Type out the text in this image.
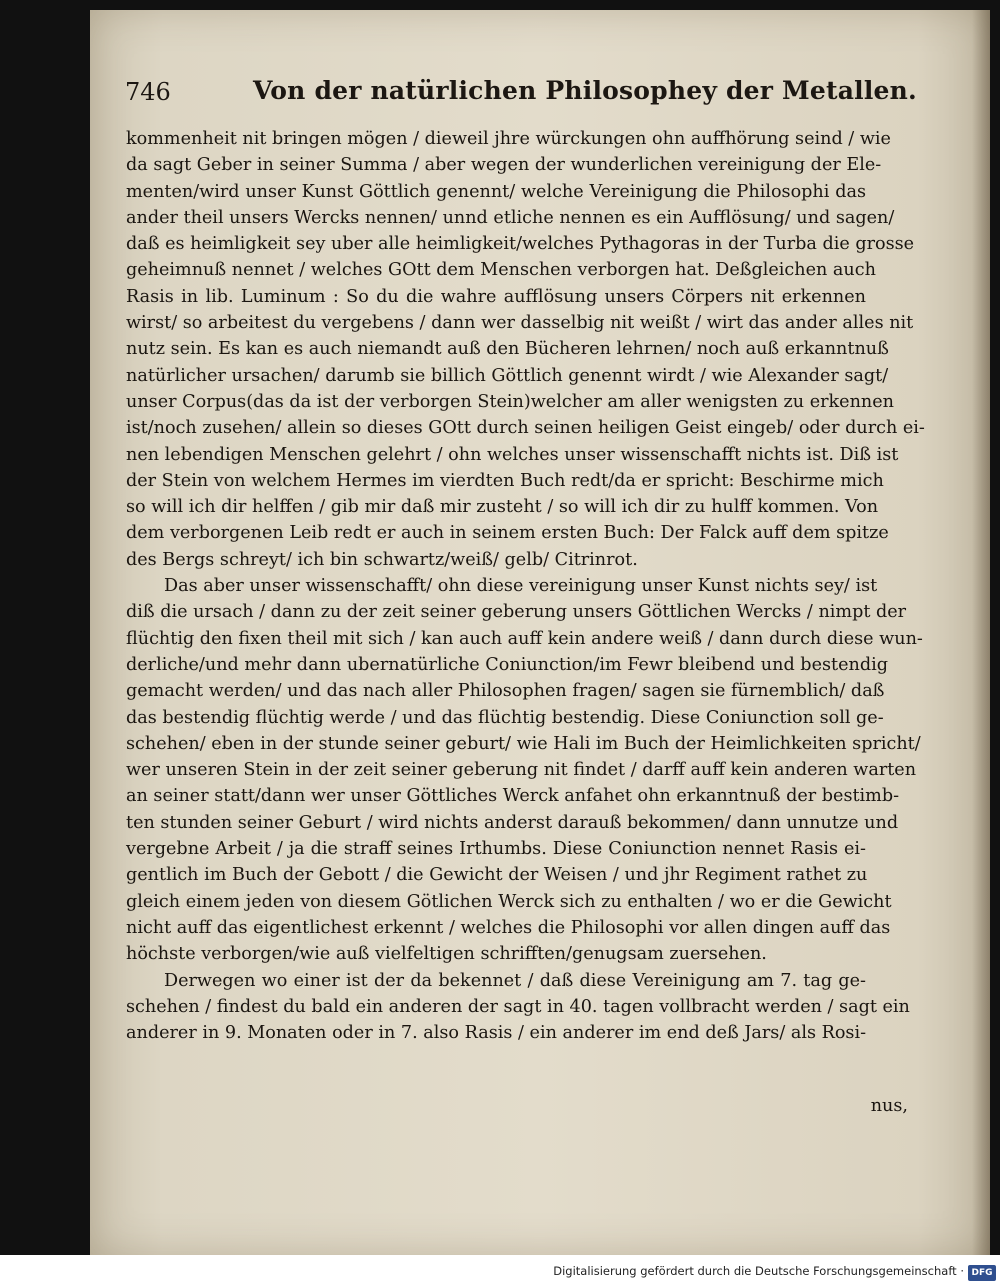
746	Von der natürlichen Philosophey der Metallen.
kommenheit nit bringen mögen / dieweil jhre würckungen ohn auffhörung seind / wie
da sagt Geber in seiner Summa / aber wegen der wunderlichen vereinigung der Ele-
menten/wird unser Kunst Göttlich genennt/ welche Vereinigung die Philosophi das
ander theil unsers Wercks nennen/ unnd etliche nennen es ein Aufflösung/ und sagen/
daß es heimligkeit sey uber alle heimligkeit/welches Pythagoras in der Turba die grosse
geheimnuß nennet / welches GOtt dem Menschen verborgen hat. Deßgleichen auch
Rasis in lib. Luminum : So du die wahre aufflösung unsers Cörpers nit erkennen
wirst/ so arbeitest du vergebens / dann wer dasselbig nit weißt / wirt das ander alles nit
nutz sein. Es kan es auch niemandt auß den Bücheren lehrnen/ noch auß erkanntnuß
natürlicher ursachen/ darumb sie billich Göttlich genennt wirdt / wie Alexander sagt/
unser Corpus(das da ist der verborgen Stein)welcher am aller wenigsten zu erkennen
ist/noch zusehen/ allein so dieses GOtt durch seinen heiligen Geist eingeb/ oder durch ei-
nen lebendigen Menschen gelehrt / ohn welches unser wissenschafft nichts ist. Diß ist
der Stein von welchem Hermes im vierdten Buch redt/da er spricht: Beschirme mich
so will ich dir helffen / gib mir daß mir zusteht / so will ich dir zu hulff kommen. Von
dem verborgenen Leib redt er auch in seinem ersten Buch: Der Falck auff dem spitze
des Bergs schreyt/ ich bin schwartz/weiß/ gelb/ Citrinrot.
Das aber unser wissenschafft/ ohn diese vereinigung unser Kunst nichts sey/ ist
diß die ursach / dann zu der zeit seiner geberung unsers Göttlichen Wercks / nimpt der
flüchtig den fixen theil mit sich / kan auch auff kein andere weiß / dann durch diese wun-
derliche/und mehr dann ubernatürliche Coniunction/im Fewr bleibend und bestendig
gemacht werden/ und das nach aller Philosophen fragen/ sagen sie fürnemblich/ daß
das bestendig flüchtig werde / und das flüchtig bestendig. Diese Coniunction soll ge-
schehen/ eben in der stunde seiner geburt/ wie Hali im Buch der Heimlichkeiten spricht/
wer unseren Stein in der zeit seiner geberung nit findet / darff auff kein anderen warten
an seiner statt/dann wer unser Göttliches Werck anfahet ohn erkanntnuß der bestimb-
ten stunden seiner Geburt / wird nichts anderst darauß bekommen/ dann unnutze und
vergebne Arbeit / ja die straff seines Irthumbs. Diese Coniunction nennet Rasis ei-
gentlich im Buch der Gebott / die Gewicht der Weisen / und jhr Regiment rathet zu
gleich einem jeden von diesem Götlichen Werck sich zu enthalten / wo er die Gewicht
nicht auff das eigentlichest erkennt / welches die Philosophi vor allen dingen auff das
höchste verborgen/wie auß vielfeltigen schrifften/genugsam zuersehen.
Derwegen wo einer ist der da bekennet / daß diese Vereinigung am 7. tag ge-
schehen / findest du bald ein anderen der sagt in 40. tagen vollbracht werden / sagt ein
anderer in 9. Monaten oder in 7. also Rasis / ein anderer im end deß Jars/ als Rosi-
nus,
Digitalisierung gefördert durch die Deutsche Forschungsgemeinschaft · DFG
